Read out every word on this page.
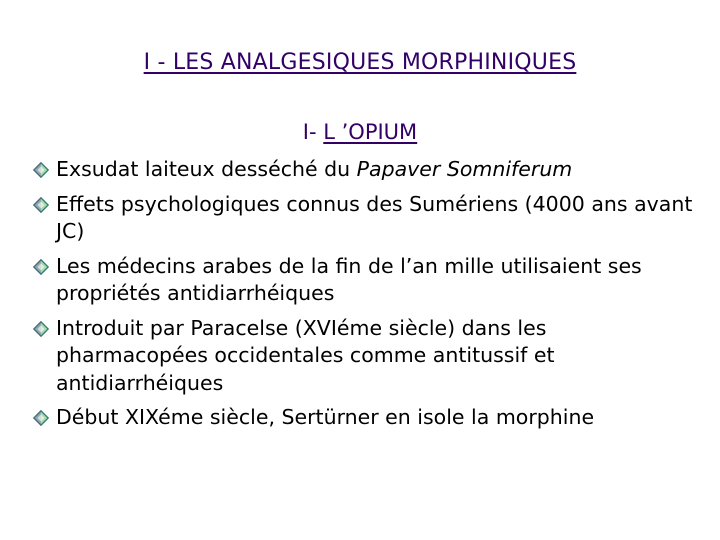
I - LES ANALGESIQUES MORPHINIQUES
I- L ’OPIUM
Exsudat laiteux desséché du Papaver Somniferum
Effets psychologiques connus des Sumériens (4000 ans avant JC)
Les médecins arabes de la fin de l’an mille utilisaient ses propriétés antidiarrhéiques
Introduit par Paracelse (XVIéme siècle) dans les pharmacopées occidentales comme antitussif et antidiarrhéiques
Début XIXéme siècle, Sertürner en isole la morphine
